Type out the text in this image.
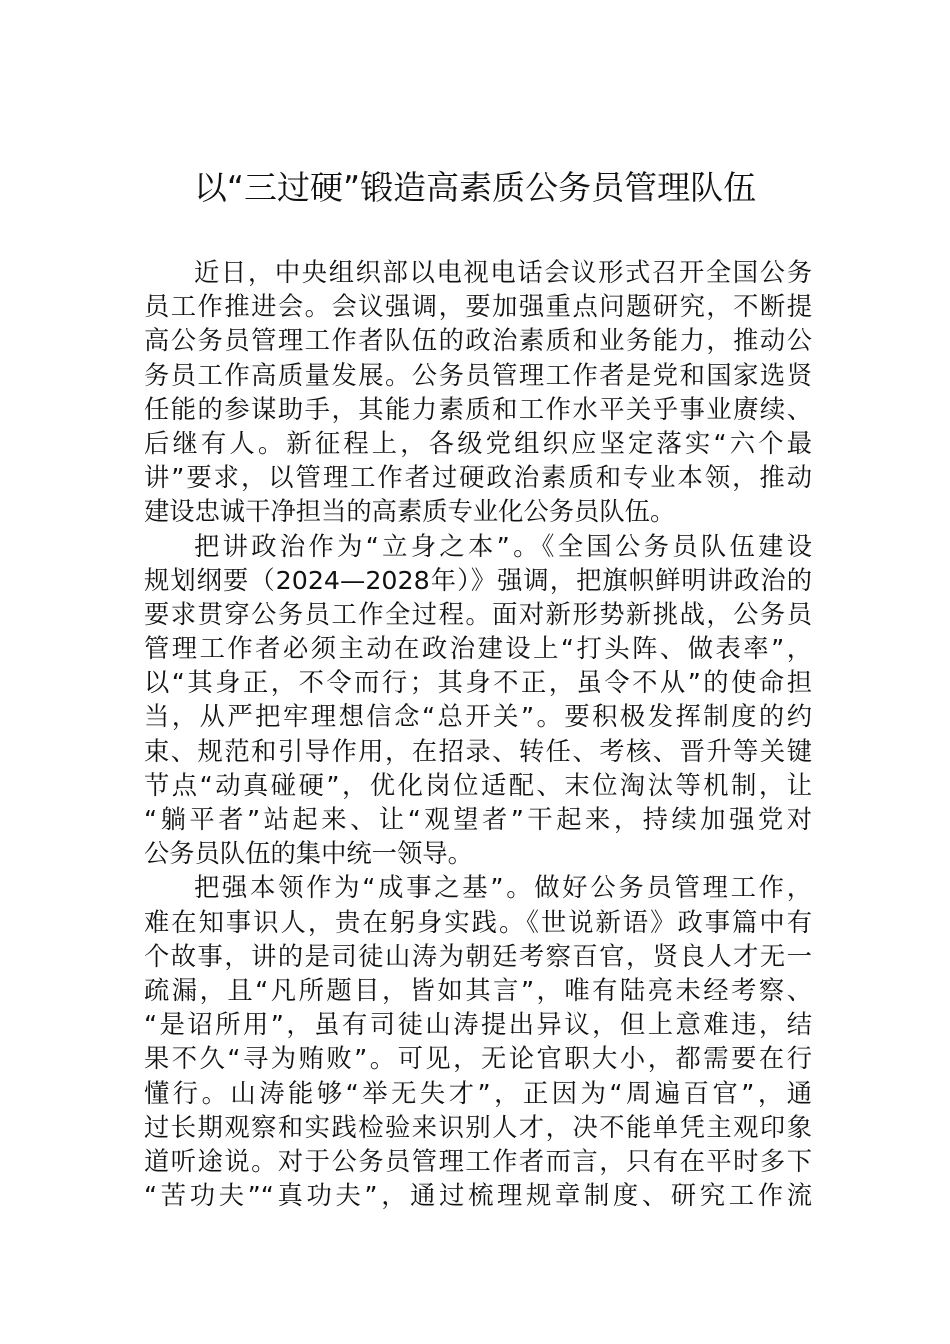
以“三过硬”锻造高素质公务员管理队伍
近日，中央组织部以电视电话会议形式召开全国公务
员工作推进会。会议强调，要加强重点问题研究，不断提
高公务员管理工作者队伍的政治素质和业务能力，推动公
务员工作高质量发展。公务员管理工作者是党和国家选贤
任能的参谋助手，其能力素质和工作水平关乎事业赓续、
后继有人。新征程上，各级党组织应坚定落实“六个最
讲”要求，以管理工作者过硬政治素质和专业本领，推动
建设忠诚干净担当的高素质专业化公务员队伍。
把讲政治作为“立身之本”。《全国公务员队伍建设
规划纲要（2024—2028年）》强调，把旗帜鲜明讲政治的
要求贯穿公务员工作全过程。面对新形势新挑战，公务员
管理工作者必须主动在政治建设上“打头阵、做表率”，
以“其身正，不令而行；其身不正，虽令不从”的使命担
当，从严把牢理想信念“总开关”。要积极发挥制度的约
束、规范和引导作用，在招录、转任、考核、晋升等关键
节点“动真碰硬”，优化岗位适配、末位淘汰等机制，让
“躺平者”站起来、让“观望者”干起来，持续加强党对
公务员队伍的集中统一领导。
把强本领作为“成事之基”。做好公务员管理工作，
难在知事识人，贵在躬身实践。《世说新语》政事篇中有
个故事，讲的是司徒山涛为朝廷考察百官，贤良人才无一
疏漏，且“凡所题目，皆如其言”，唯有陆亮未经考察、
“是诏所用”，虽有司徒山涛提出异议，但上意难违，结
果不久“寻为贿败”。可见，无论官职大小，都需要在行
懂行。山涛能够“举无失才”，正因为“周遍百官”，通
过长期观察和实践检验来识别人才，决不能单凭主观印象
道听途说。对于公务员管理工作者而言，只有在平时多下
“苦功夫”“真功夫”，通过梳理规章制度、研究工作流
